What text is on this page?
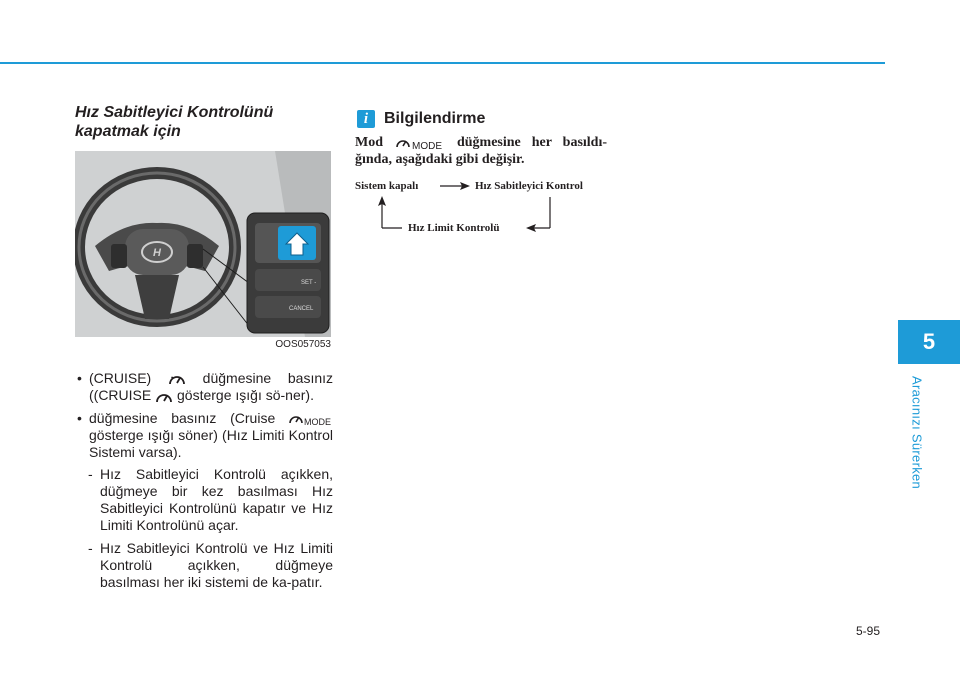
5
Aracınızı Sürerken
Hız Sabitleyici Kontrolünü kapatmak için
H
SET -
CANCEL
OOS057053
• (CRUISE)	düğmesine basınız ((CRUISE gösterge ışığı sö-ner).
• düğmesine basınız (Cruise	MODE
gösterge ışığı söner) (Hız Limiti Kontrol Sistemi varsa).
- Hız Sabitleyici Kontrolü açıkken, düğmeye bir kez basılması Hız Sabitleyici Kontrolünü kapatır ve Hız Limiti Kontrolünü açar.
- Hız Sabitleyici Kontrolü ve Hız Limiti Kontrolü açıkken, düğmeye basılması her iki sistemi de ka-patır.
i Bilgilendirme
Mod	MODE düğmesine her basıldı-ğında, aşağıdaki gibi değişir.
Sistem kapalı	Hız Sabitleyici Kontrol
Hız Limit Kontrolü
5-95
